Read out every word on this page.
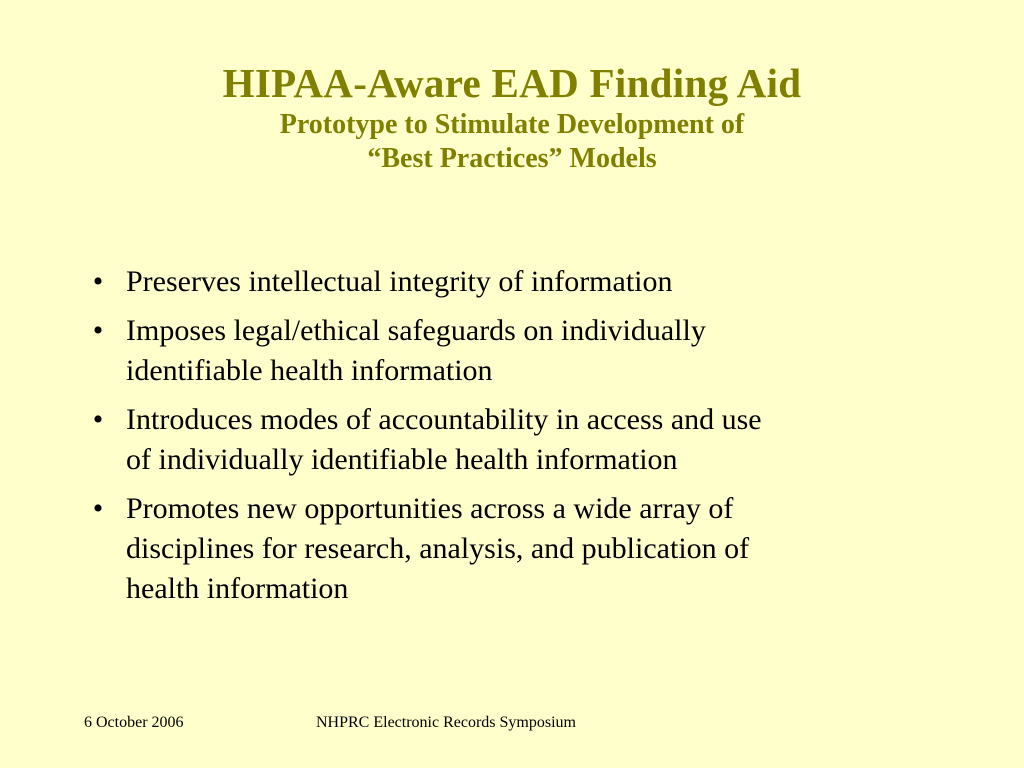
HIPAA-Aware EAD Finding Aid
Prototype to Stimulate Development of
“Best Practices” Models
• Preserves intellectual integrity of information
• Imposes legal/ethical safeguards on individually
identifiable health information
• Introduces modes of accountability in access and use
of individually identifiable health information
• Promotes new opportunities across a wide array of
disciplines for research, analysis, and publication of
health information
6 October 2006	NHPRC Electronic Records Symposium
